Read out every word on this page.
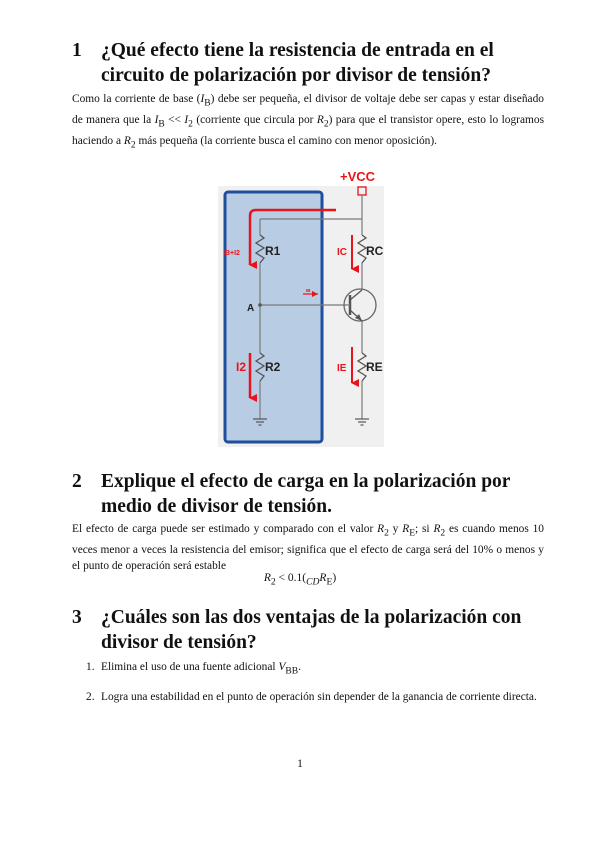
1 ¿Qué efecto tiene la resistencia de entrada en el circuito de polarización por divisor de tensión?
Como la corriente de base $(I_B)$ debe ser pequeña, el divisor de voltaje debe ser capas y estar diseñado de manera que la $I_B << I_2$ (corriente que circula por $R_2$) para que el transistor opere, esto lo logramos haciendo a $R_2$ más pequeña (la corriente busca el camino con menor oposición).
+VCC
IB+I2 R1
A
IB
I2 R2
IC RC
IE RE
2 Explique el efecto de carga en la polarización por medio de divisor de tensión.
El efecto de carga puede ser estimado y comparado con el valor $R_2$ y $R_E$; si $R_2$ es cuando menos 10 veces menor a veces la resistencia del emisor; significa que el efecto de carga será del 10% o menos y el punto de operación será estable
$R_2 < 0.1(_{CD}R_E)$
3 ¿Cuáles son las dos ventajas de la polarización con divisor de tensión?
1. Elimina el uso de una fuente adicional $V_{BB}$.
2. Logra una estabilidad en el punto de operación sin depender de la ganancia de corriente directa.
1
